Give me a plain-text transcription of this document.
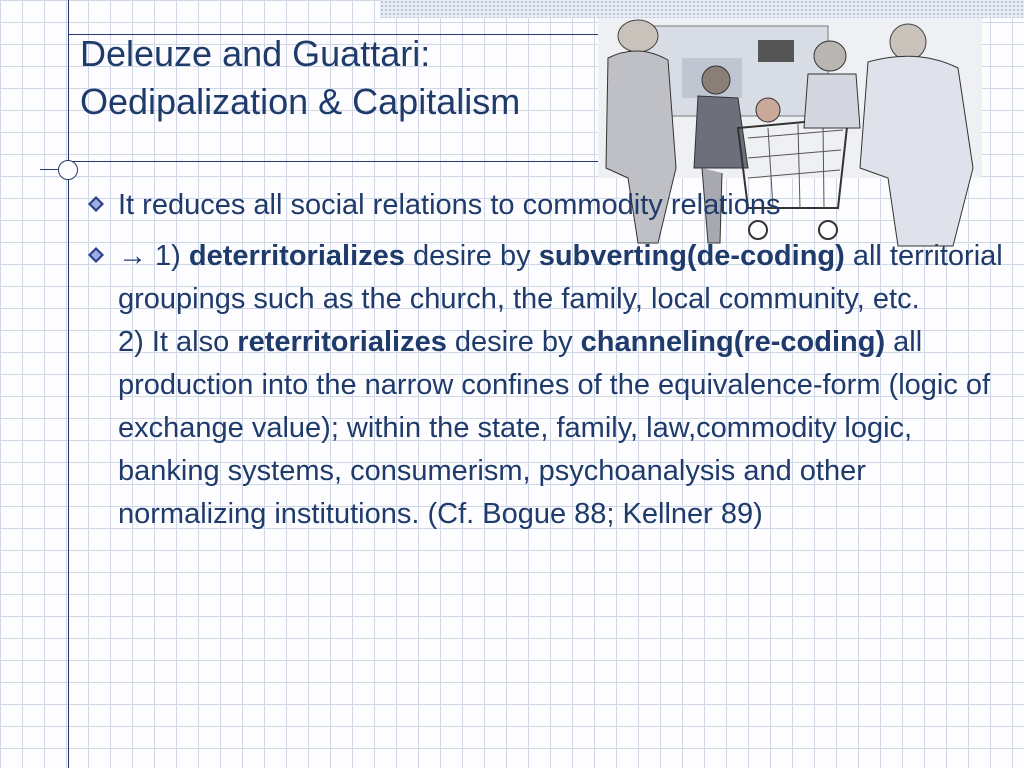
Deleuze and Guattari:
Oedipalization & Capitalism
It reduces all social relations to commodity relations
→ 1) deterritorializes desire by subverting(de-coding) all territorial groupings such as the church, the family, local community, etc.
2) It also reterritorializes desire by channeling(re-coding) all production into the narrow confines of the equivalence-form (logic of exchange value); within the state, family, law,commodity logic, banking systems, consumerism, psychoanalysis and other normalizing institutions. (Cf. Bogue 88; Kellner 89)
